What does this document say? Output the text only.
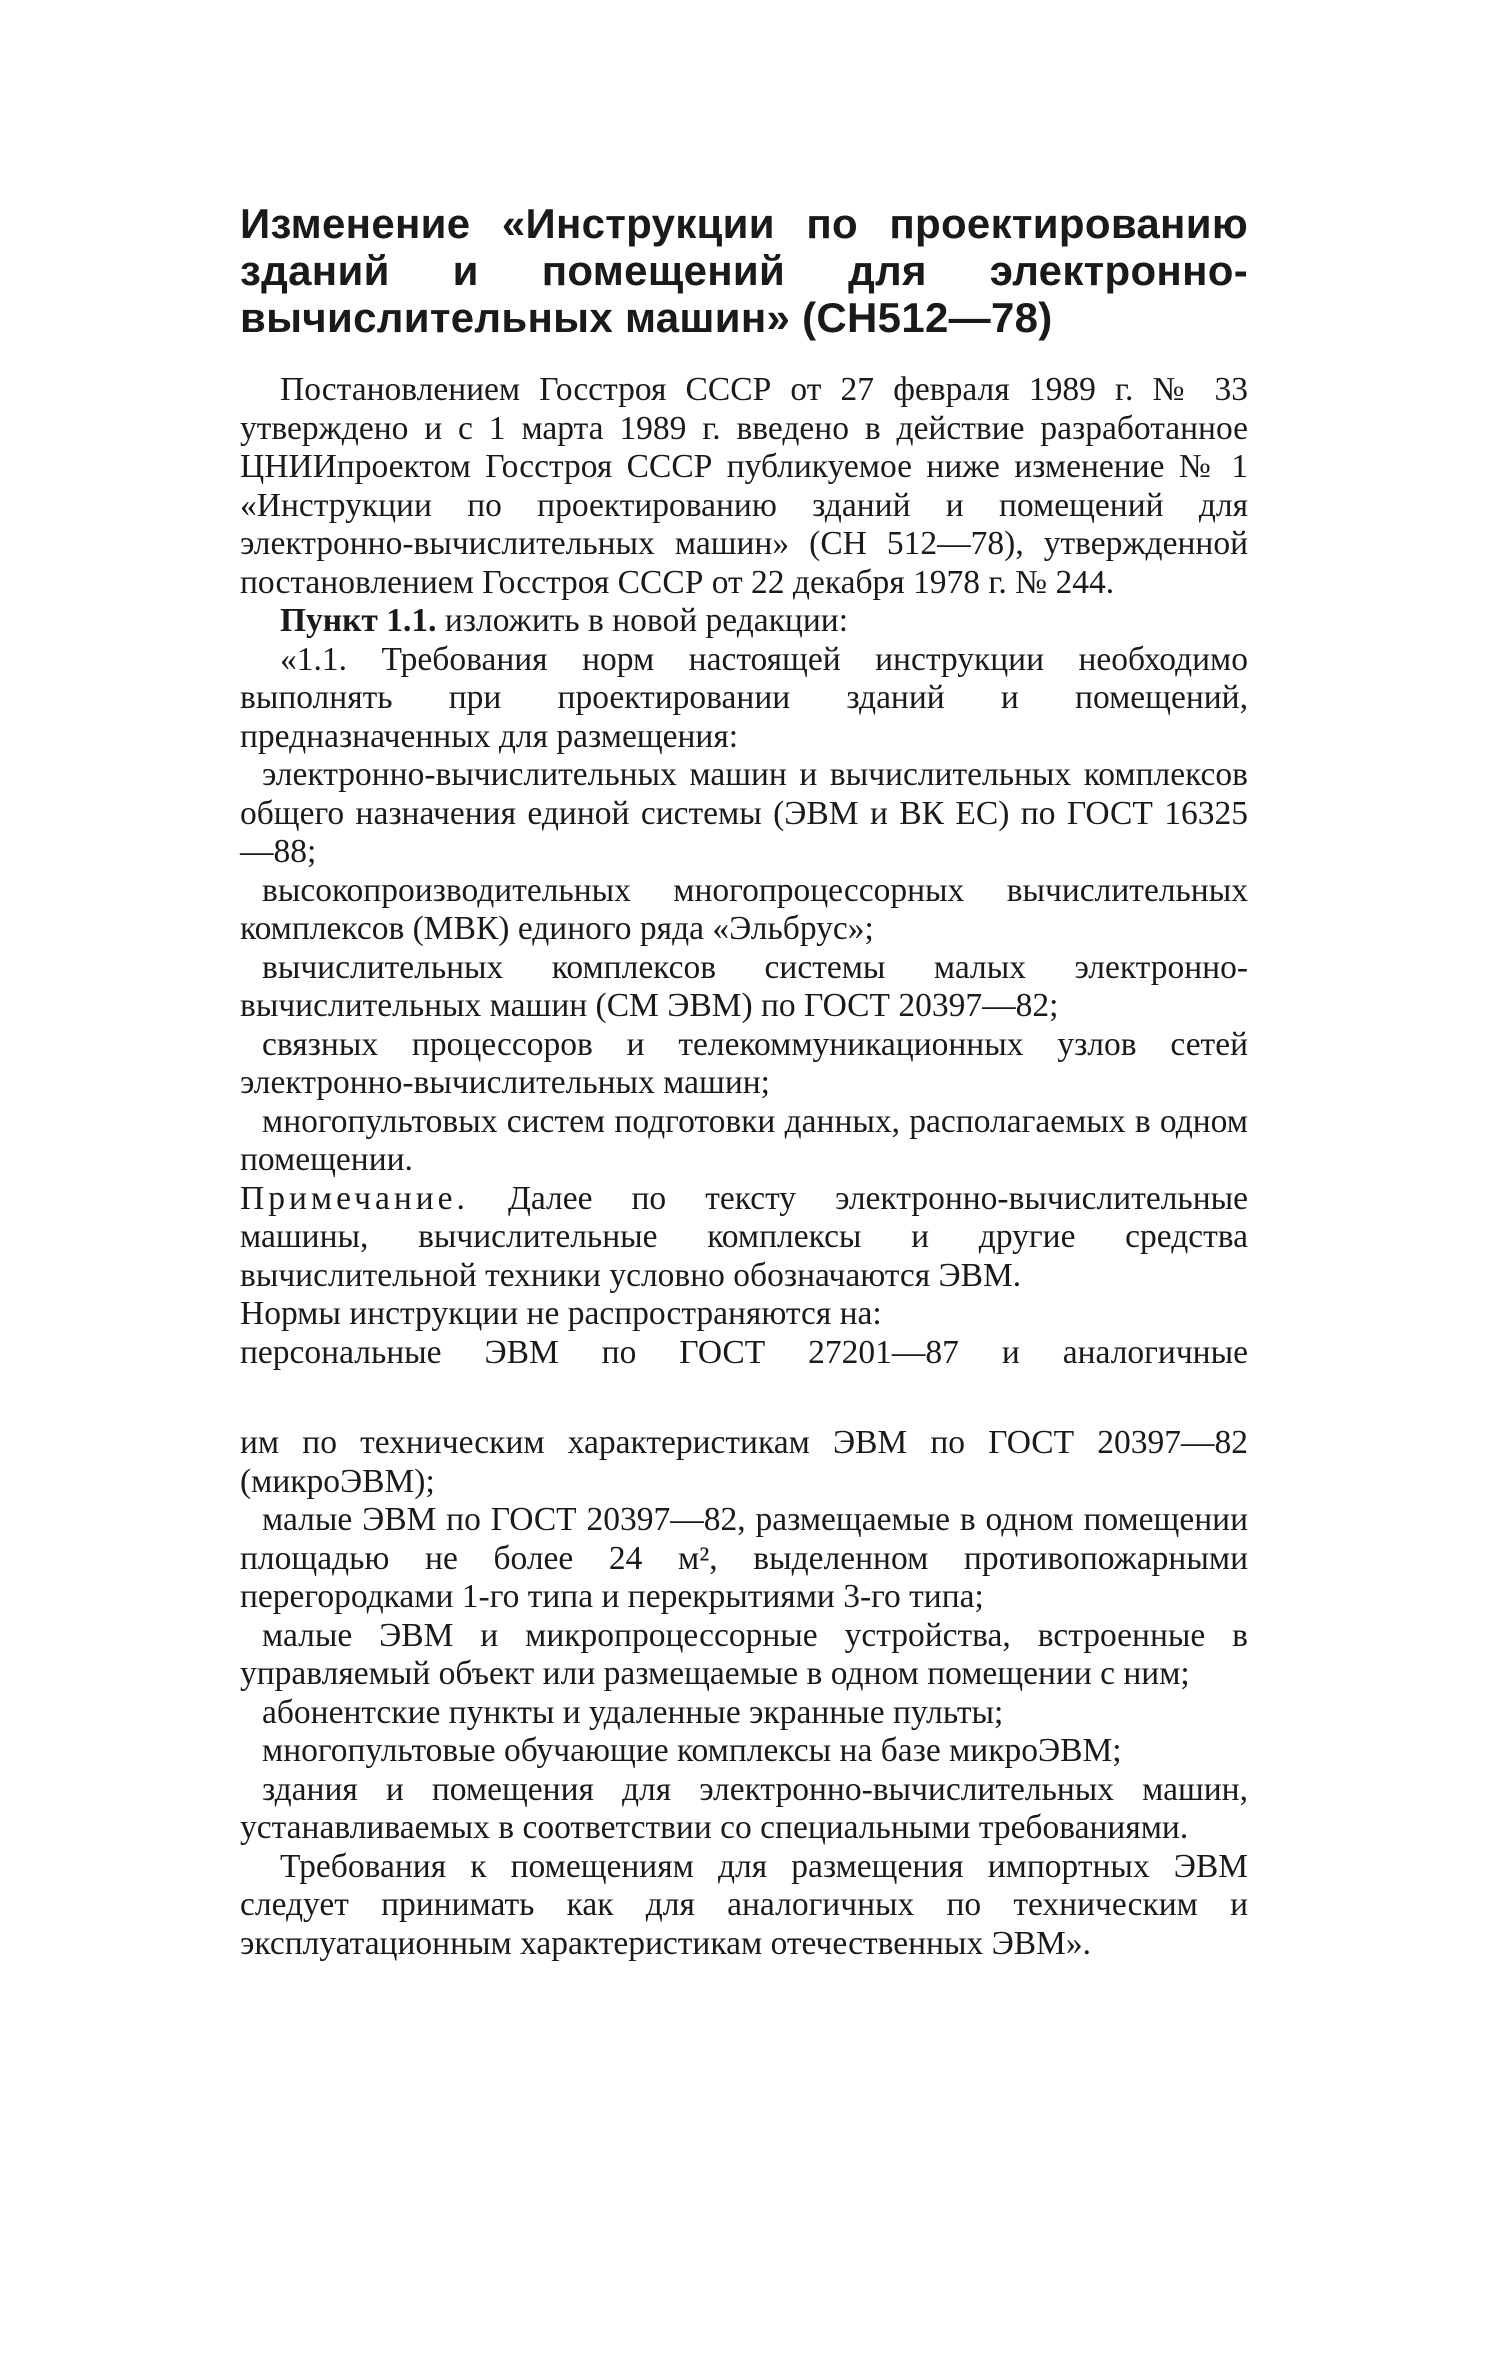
Изменение «Инструкции по проектированию зданий и помещений для электронно-вычислительных машин» (СН512—78)

Постановлением Госстроя СССР от 27 февраля 1989 г. № 33 утверждено и с 1 марта 1989 г. введено в действие разработанное ЦНИИпроектом Госстроя СССР публикуемое ниже изменение № 1 «Инструкции по проектированию зданий и помещений для электронно-вычислительных машин» (СН 512—78), утвержденной постановлением Госстроя СССР от 22 декабря 1978 г. № 244.

Пункт 1.1. изложить в новой редакции:

«1.1. Требования норм настоящей инструкции необходимо выполнять при проектировании зданий и помещений, предназначенных для размещения:

электронно-вычислительных машин и вычислительных комплексов общего назначения единой системы (ЭВМ и ВК ЕС) по ГОСТ 16325—88;

высокопроизводительных многопроцессорных вычислительных комплексов (МВК) единого ряда «Эльбрус»;

вычислительных комплексов системы малых электронно-вычислительных машин (СМ ЭВМ) по ГОСТ 20397—82;

связных процессоров и телекоммуникационных узлов сетей электронно-вычислительных машин;

многопультовых систем подготовки данных, располагаемых в одном помещении.

Примечание. Далее по тексту электронно-вычислительные машины, вычислительные комплексы и другие средства вычислительной техники условно обозначаются ЭВМ.

Нормы инструкции не распространяются на:

персональные ЭВМ по ГОСТ 27201—87 и аналогичные

им по техническим характеристикам ЭВМ по ГОСТ 20397—82 (микроЭВМ);

малые ЭВМ по ГОСТ 20397—82, размещаемые в одном помещении площадью не более 24 м², выделенном противопожарными перегородками 1-го типа и перекрытиями 3-го типа;

малые ЭВМ и микропроцессорные устройства, встроенные в управляемый объект или размещаемые в одном помещении с ним;

абонентские пункты и удаленные экранные пульты;

многопультовые обучающие комплексы на базе микроЭВМ;

здания и помещения для электронно-вычислительных машин, устанавливаемых в соответствии со специальными требованиями.

Требования к помещениям для размещения импортных ЭВМ следует принимать как для аналогичных по техническим и эксплуатационным характеристикам отечественных ЭВМ».
